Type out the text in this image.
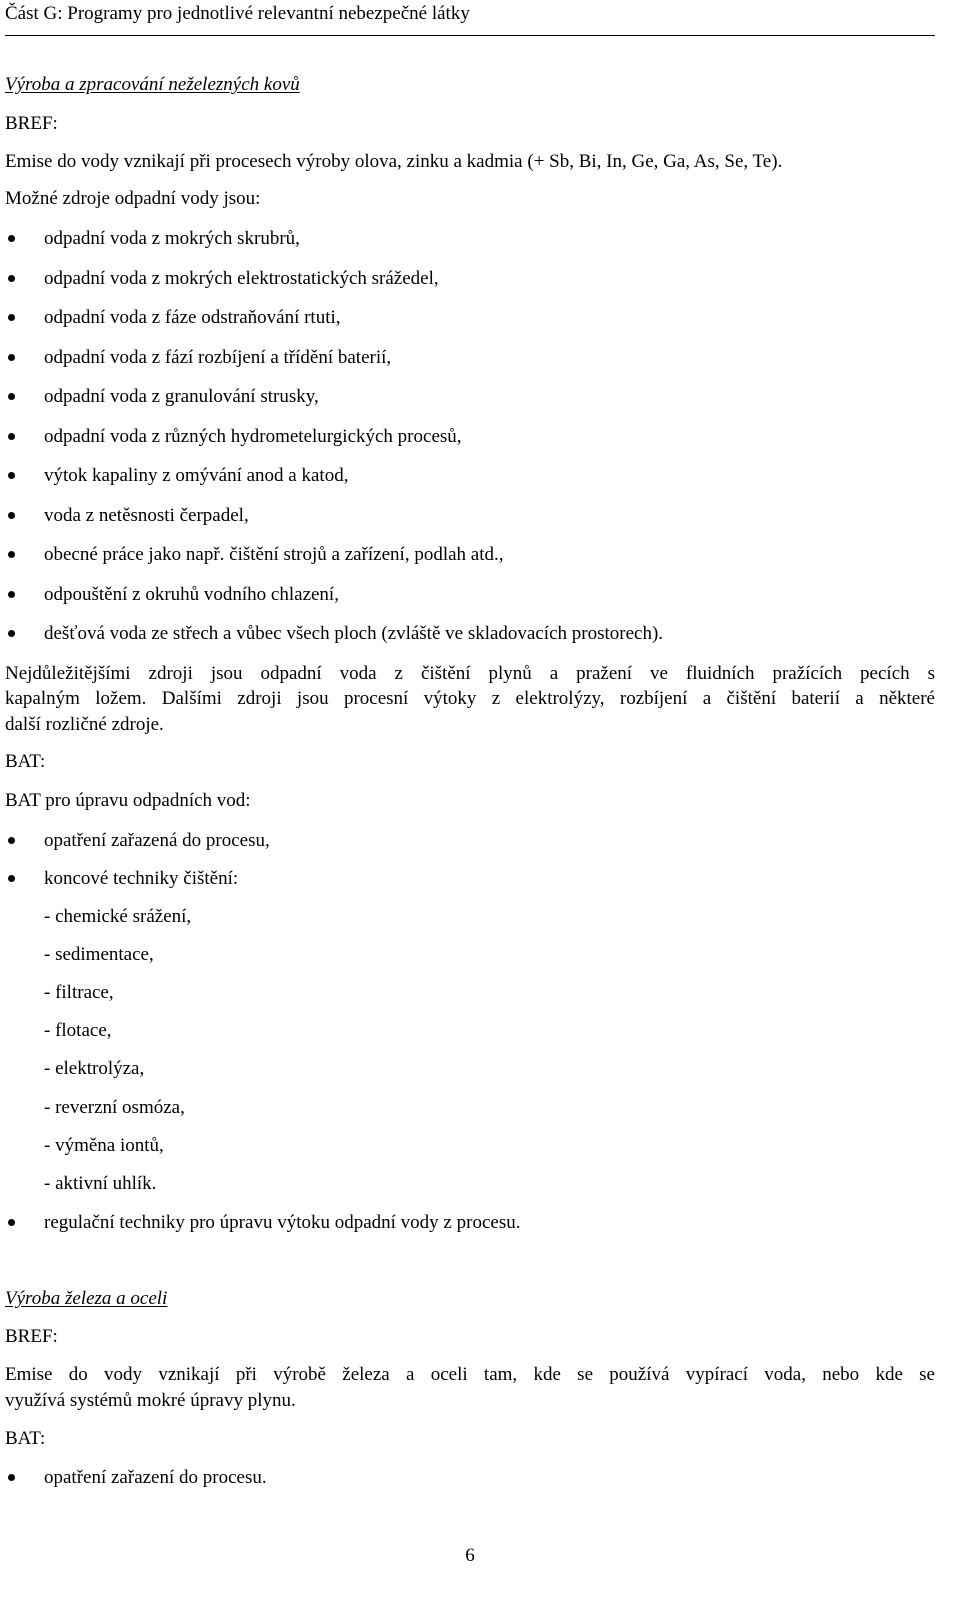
Část G: Programy pro jednotlivé relevantní nebezpečné látky
Výroba a zpracování neželezných kovů
BREF:
Emise do vody vznikají při procesech výroby olova, zinku a kadmia (+ Sb, Bi, In, Ge, Ga, As, Se, Te).
Možné zdroje odpadní vody jsou:
odpadní voda z mokrých skrubrů,
odpadní voda z mokrých elektrostatických srážedel,
odpadní voda z fáze odstraňování rtuti,
odpadní voda z fází rozbíjení a třídění baterií,
odpadní voda z granulování strusky,
odpadní voda z různých hydrometelurgických procesů,
výtok kapaliny z omývání anod a katod,
voda z netěsnosti čerpadel,
obecné práce jako např. čištění strojů a zařízení, podlah atd.,
odpouštění z okruhů vodního chlazení,
dešťová voda ze střech a vůbec všech ploch (zvláště ve skladovacích prostorech).
Nejdůležitějšími zdroji jsou odpadní voda z čištění plynů a pražení ve fluidních pražících pecích s
kapalným ložem. Dalšími zdroji jsou procesní výtoky z elektrolýzy, rozbíjení a čištění baterií a některé
další rozličné zdroje.
BAT:
BAT pro úpravu odpadních vod:
opatření zařazená do procesu,
koncové techniky čištění:
- chemické srážení,
- sedimentace,
- filtrace,
- flotace,
- elektrolýza,
- reverzní osmóza,
- výměna iontů,
- aktivní uhlík.
regulační techniky pro úpravu výtoku odpadní vody z procesu.
Výroba železa a oceli
BREF:
Emise do vody vznikají při výrobě železa a oceli tam, kde se používá vypírací voda, nebo kde se
využívá systémů mokré úpravy plynu.
BAT:
opatření zařazení do procesu.
6
